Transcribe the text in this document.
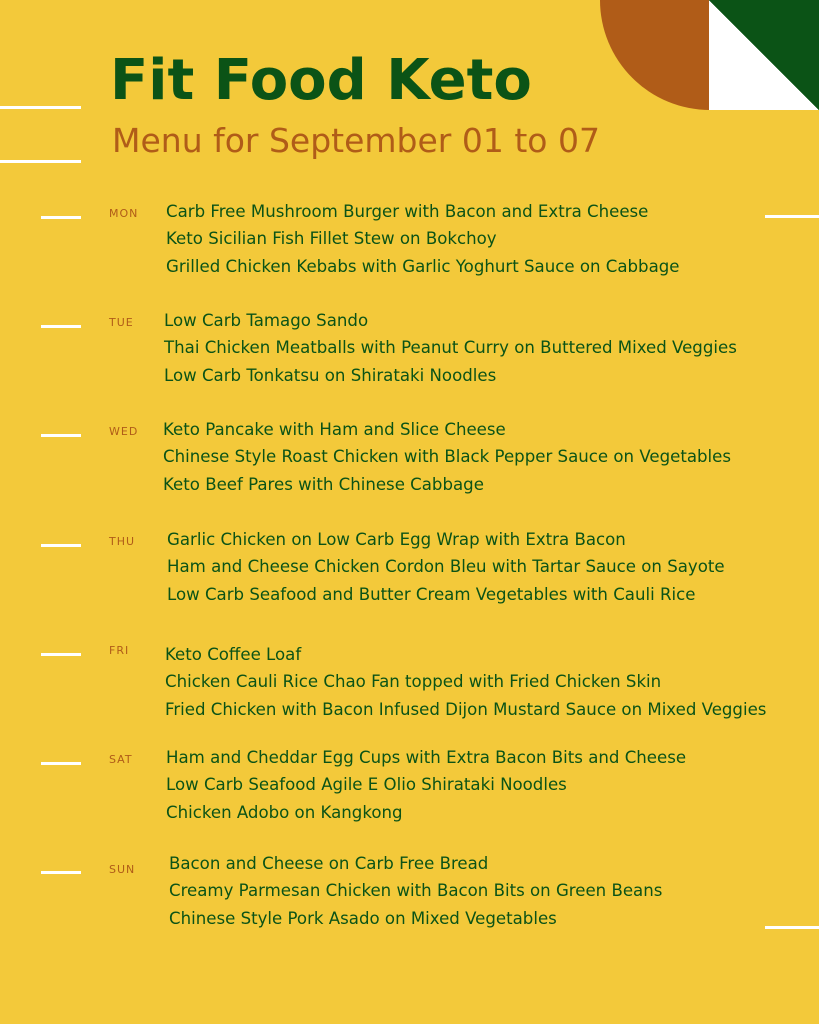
Fit Food Keto
Menu for September 01 to 07
MON Carb Free Mushroom Burger with Bacon and Extra Cheese
Keto Sicilian Fish Fillet Stew on Bokchoy
Grilled Chicken Kebabs with Garlic Yoghurt Sauce on Cabbage
TUE Low Carb Tamago Sando
Thai Chicken Meatballs with Peanut Curry on Buttered Mixed Veggies
Low Carb Tonkatsu on Shirataki Noodles
WED Keto Pancake with Ham and Slice Cheese
Chinese Style Roast Chicken with Black Pepper Sauce on Vegetables
Keto Beef Pares with Chinese Cabbage
THU Garlic Chicken on Low Carb Egg Wrap with Extra Bacon
Ham and Cheese Chicken Cordon Bleu with Tartar Sauce on Sayote
Low Carb Seafood and Butter Cream Vegetables with Cauli Rice
FRI Keto Coffee Loaf
Chicken Cauli Rice Chao Fan topped with Fried Chicken Skin
Fried Chicken with Bacon Infused Dijon Mustard Sauce on Mixed Veggies
SAT Ham and Cheddar Egg Cups with Extra Bacon Bits and Cheese
Low Carb Seafood Agile E Olio Shirataki Noodles
Chicken Adobo on Kangkong
SUN Bacon and Cheese on Carb Free Bread
Creamy Parmesan Chicken with Bacon Bits on Green Beans
Chinese Style Pork Asado on Mixed Vegetables
